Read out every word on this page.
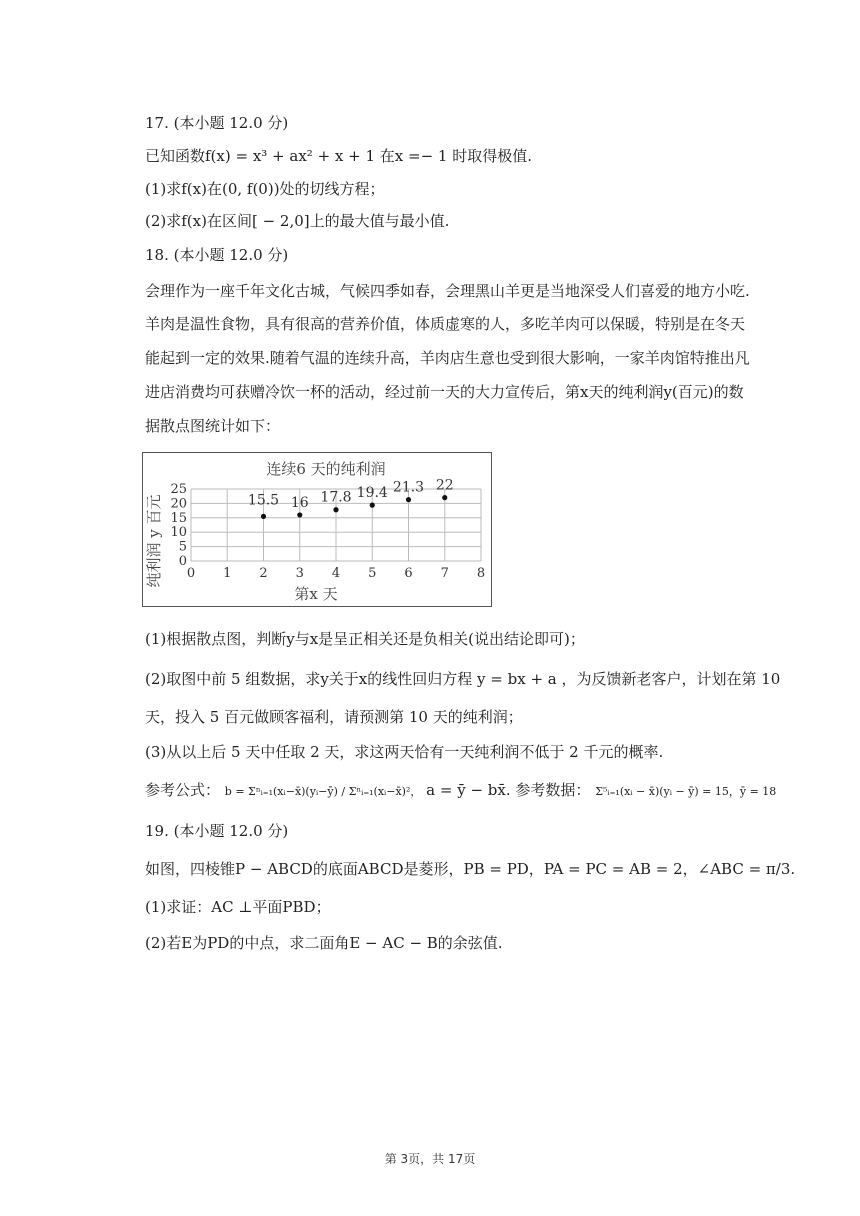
17. (本小题 12.0 分)
已知函数f(x) = x³ + ax² + x + 1 在x =− 1 时取得极值.
(1)求f(x)在(0, f(0))处的切线方程；
(2)求f(x)在区间[ − 2,0]上的最大值与最小值.
18. (本小题 12.0 分)
会理作为一座千年文化古城，气候四季如春，会理黑山羊更是当地深受人们喜爱的地方小吃.
羊肉是温性食物，具有很高的营养价值，体质虚寒的人，多吃羊肉可以保暖，特别是在冬天
能起到一定的效果.随着气温的连续升高，羊肉店生意也受到很大影响，一家羊肉馆特推出凡
进店消费均可获赠冷饮一杯的活动，经过前一天的大力宣传后，第x天的纯利润y(百元)的数
据散点图统计如下：
连续6 天的纯利润
0 1 2 3 4 5 6 7 8
0
5
10
15
20
25
第x 天
纯利润 y 百元	15.5 16 17.8 19.4 21.3 22
(1)根据散点图，判断y与x是呈正相关还是负相关(说出结论即可)；
(2)取图中前 5 组数据，求y关于x的线性回归方程 y = bx + a ，为反馈新老客户，计划在第 10
天，投入 5 百元做顾客福利，请预测第 10 天的纯利润；
(3)从以上后 5 天中任取 2 天，求这两天恰有一天纯利润不低于 2 千元的概率.
参考公式： b = Σⁿᵢ₌₁(xᵢ−x̄)(yᵢ−ȳ) / Σⁿᵢ₌₁(xᵢ−x̄)²， a = ȳ − bx̄. 参考数据： Σ⁵ᵢ₌₁(xᵢ − x̄)(yᵢ − ȳ) = 15，ȳ = 18
19. (本小题 12.0 分)
如图，四棱锥P − ABCD的底面ABCD是菱形，PB = PD，PA = PC = AB = 2，∠ABC = π/3.
(1)求证：AC ⊥平面PBD；
(2)若E为PD的中点，求二面角E − AC − B的余弦值.
第 3页，共 17页
